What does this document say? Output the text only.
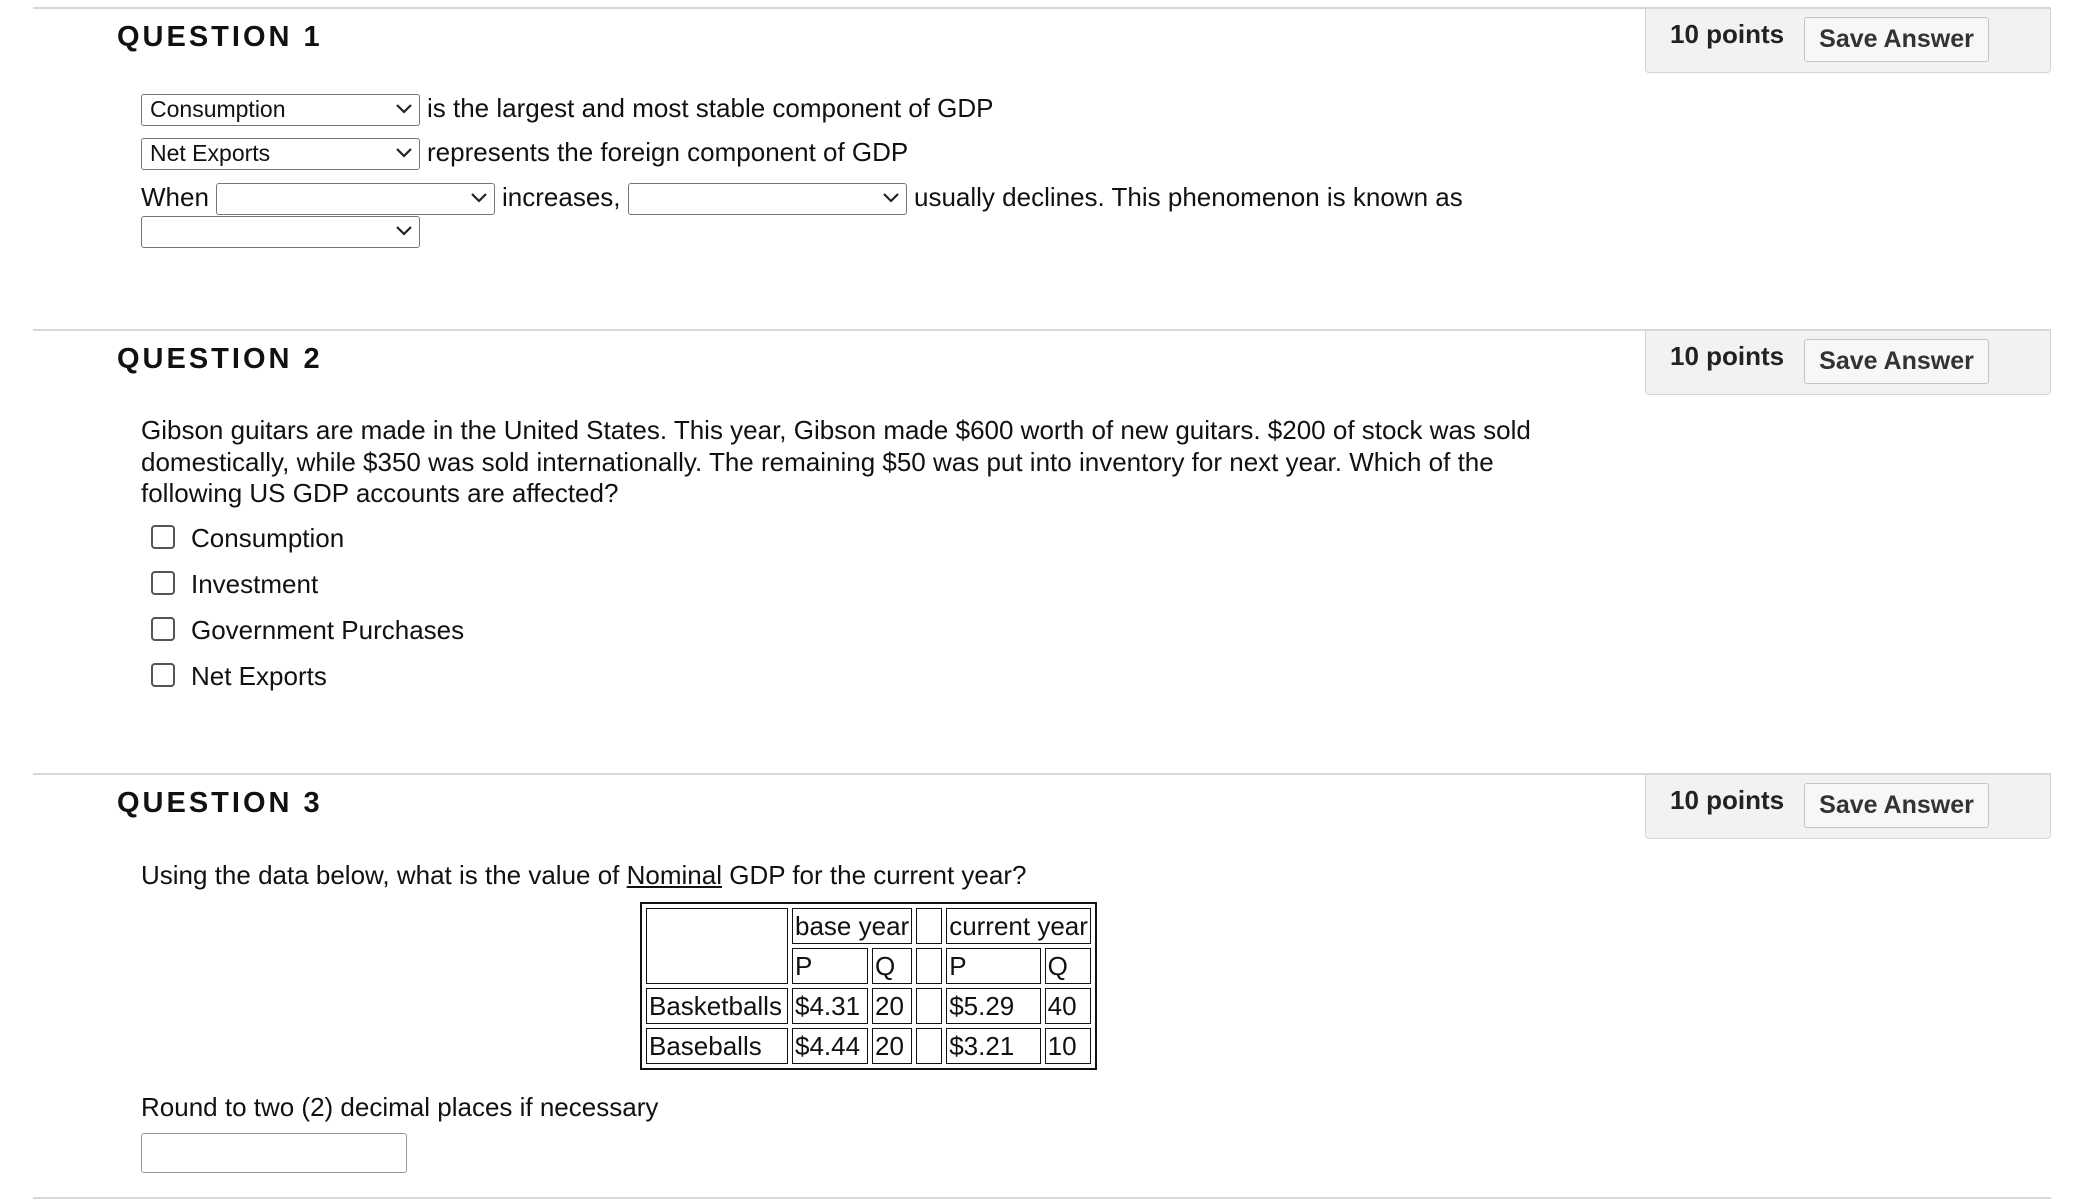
QUESTION 1	10 points	Save Answer
Consumption	is the largest and most stable component of GDP
Net Exports	represents the foreign component of GDP
When	increases,	usually declines. This phenomenon is known as
QUESTION 2	10 points	Save Answer
Gibson guitars are made in the United States. This year, Gibson made $600 worth of new guitars. $200 of stock was sold domestically, while $350 was sold internationally. The remaining $50 was put into inventory for next year. Which of the following US GDP accounts are affected?
Consumption
Investment
Government Purchases
Net Exports
QUESTION 3	10 points	Save Answer
Using the data below, what is the value of Nominal GDP for the current year?
	base year			current year	
	P	Q		P	Q
Basketballs	$4.31	20		$5.29	40
Baseballs	$4.44	20		$3.21	10
Round to two (2) decimal places if necessary
